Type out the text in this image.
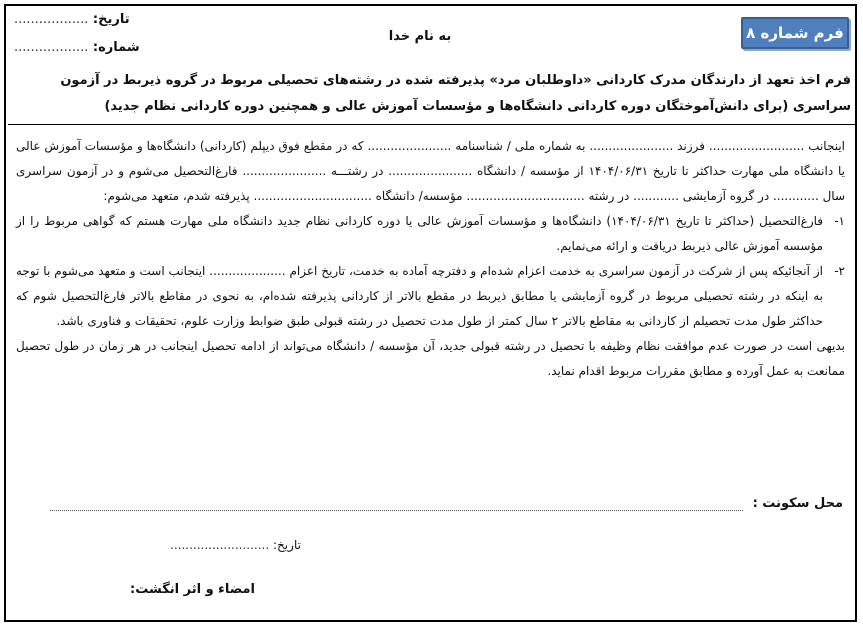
فرم شماره ۸
به نام خدا
تاریخ: ..................
شماره: ..................
فرم اخذ تعهد از دارندگان مدرک کاردانی «داوطلبان مرد» پذیرفته شده در رشته‌های تحصیلی مربوط در گروه ذیربط در آزمون سراسری (برای دانش‌آموختگان دوره کاردانی دانشگاه‌ها و مؤسسات آموزش عالی و همچنین دوره کاردانی نظام جدید)

اینجانب ......................... فرزند ...................... به شماره ملی / شناسنامه ...................... که در مقطع فوق دیپلم (کاردانی) دانشگاه‌ها و مؤسسات آموزش عالی یا دانشگاه ملی مهارت حداکثر تا تاریخ ۱۴۰۴/۰۶/۳۱ از مؤسسه / دانشگاه ...................... در رشتـــه ...................... فارغ‌التحصیل می‌شوم و در آزمون سراسری سال ............ در گروه آزمایشی ............ در رشته ............................... مؤسسه/ دانشگاه ............................... پذیرفته شدم، متعهد می‌شوم:

۱-
فارغ‌التحصیل (حداکثر تا تاریخ ۱۴۰۴/۰۶/۳۱) دانشگاه‌ها و مؤسسات آموزش عالی یا دوره کاردانی نظام جدید دانشگاه ملی مهارت هستم که گواهی مربوط را از مؤسسه آموزش عالی ذیربط دریافت و ارائه می‌نمایم.
۲-
از آنجائیکه پس از شرکت در آزمون سراسری به خدمت اعزام شده‌ام و دفترچه آماده به خدمت، تاریخ اعزام .................... اینجانب است و متعهد می‌شوم با توجه به اینکه در رشته تحصیلی مربوط در گروه آزمایشی یا مطابق ذیربط در مقطع بالاتر از کاردانی پذیرفته شده‌ام، به نحوی در مقاطع بالاتر فارغ‌التحصیل شوم که حداکثر طول مدت تحصیلم از کاردانی به مقاطع بالاتر ۲ سال کمتر از طول مدت تحصیل در رشته قبولی طبق ضوابط وزارت علوم، تحقیقات و فناوری باشد.

بدیهی است در صورت عدم موافقت نظام وظیفه با تحصیل در رشته قبولی جدید، آن مؤسسه / دانشگاه می‌تواند از ادامه تحصیل اینجانب در هر زمان در طول تحصیل ممانعت به عمل آورده و مطابق مقررات مربوط اقدام نماید.

محل سکونت :
تاریخ: ..........................
امضاء و اثر انگشت:
